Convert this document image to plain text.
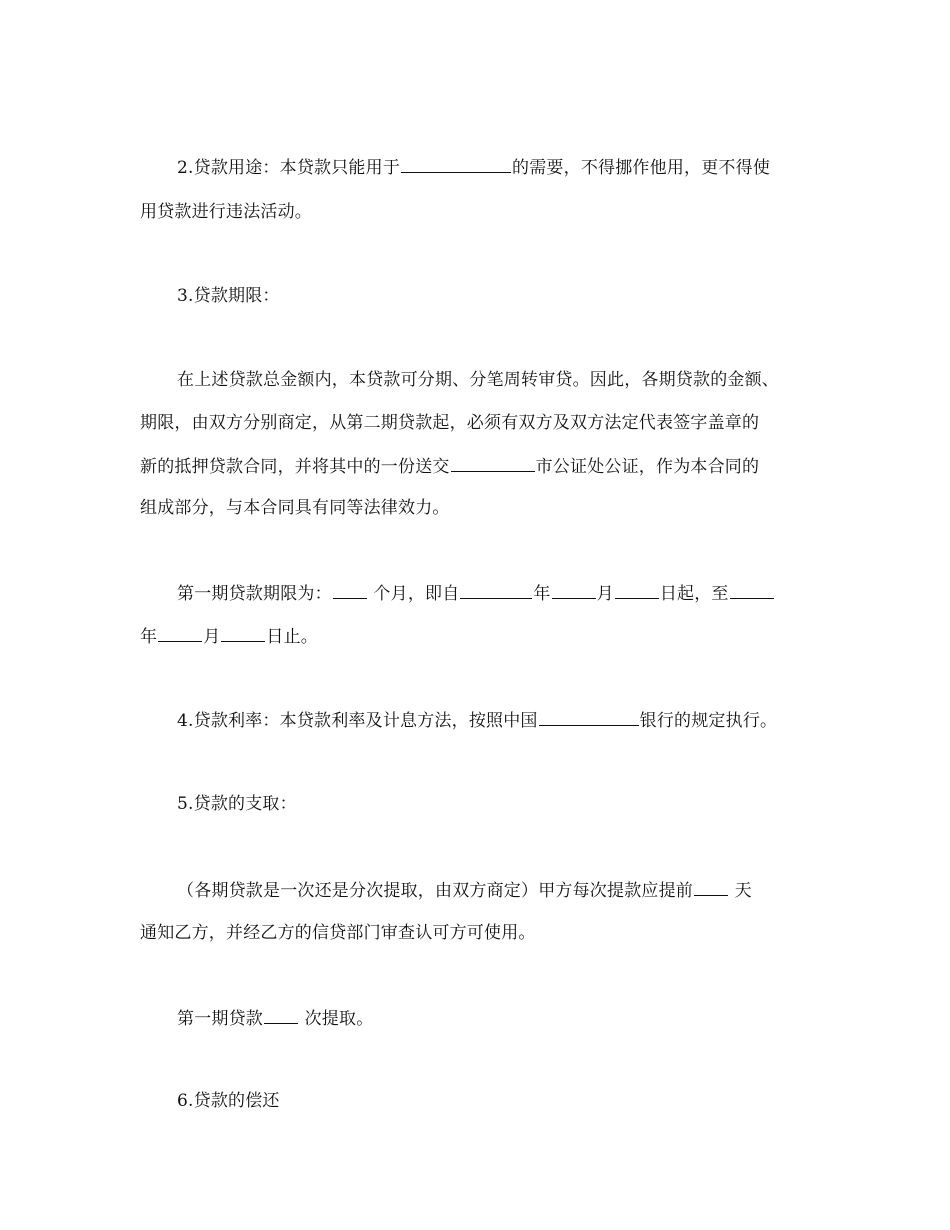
2.贷款用途：本贷款只能用于	的需要，不得挪作他用，更不得使
用贷款进行违法活动。
3.贷款期限：
在上述贷款总金额内，本贷款可分期、分笔周转审贷。因此，各期贷款的金额、
期限，由双方分别商定，从第二期贷款起，必须有双方及双方法定代表签字盖章的
新的抵押贷款合同，并将其中的一份送交	市公证处公证，作为本合同的
组成部分，与本合同具有同等法律效力。
第一期贷款期限为： 个月，即自	年	月	日起，至
年	月	日止。
4.贷款利率：本贷款利率及计息方法，按照中国	银行的规定执行。
5.贷款的支取：
（各期贷款是一次还是分次提取，由双方商定）甲方每次提款应提前 天
通知乙方，并经乙方的信贷部门审查认可方可使用。
第一期贷款 次提取。
6.贷款的偿还
